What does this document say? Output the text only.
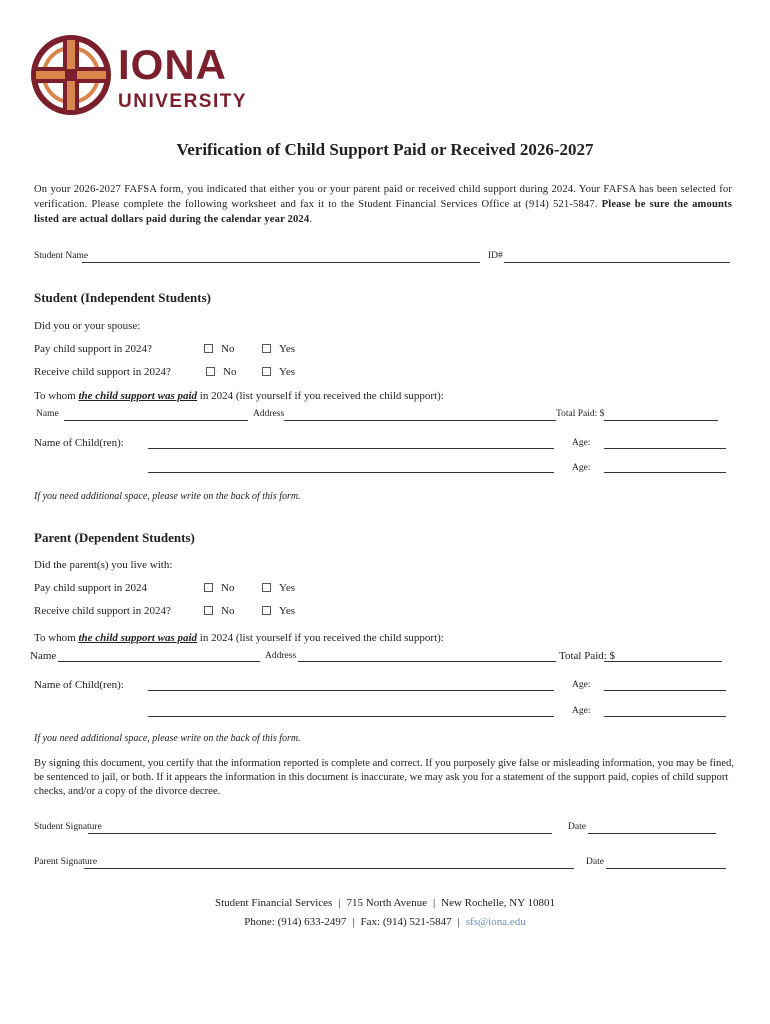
IONA
UNIVERSITY
Verification of Child Support Paid or Received 2026-2027
On your 2026-2027 FAFSA form, you indicated that either you or your parent paid or received child support during 2024. Your FAFSA has been selected for verification. Please complete the following worksheet and fax it to the Student Financial Services Office at (914) 521-5847. Please be sure the amounts listed are actual dollars paid during the calendar year 2024.
Student Name	ID#
Student (Independent Students)
Did you or your spouse:
Pay child support in 2024?	No	Yes
Receive child support in 2024?	No	Yes
To whom the child support was paid in 2024 (list yourself if you received the child support):
Name	Address	Total Paid: $
Name of Child(ren):	Age:
Age:
If you need additional space, please write on the back of this form.
Parent (Dependent Students)
Did the parent(s) you live with:
Pay child support in 2024	No	Yes
Receive child support in 2024?	No	Yes
To whom the child support was paid in 2024 (list yourself if you received the child support):
Name	Address	Total Paid: $
Name of Child(ren):	Age:
Age:
If you need additional space, please write on the back of this form.
By signing this document, you certify that the information reported is complete and correct. If you purposely give false or misleading information, you may be fined, be sentenced to jail, or both. If it appears the information in this document is inaccurate, we may ask you for a statement of the support paid, copies of child support checks, and/or a copy of the divorce decree.
Student Signature	Date
Parent Signature	Date
Student Financial Services | 715 North Avenue | New Rochelle, NY 10801
Phone: (914) 633-2497 | Fax: (914) 521-5847 | sfs@iona.edu
